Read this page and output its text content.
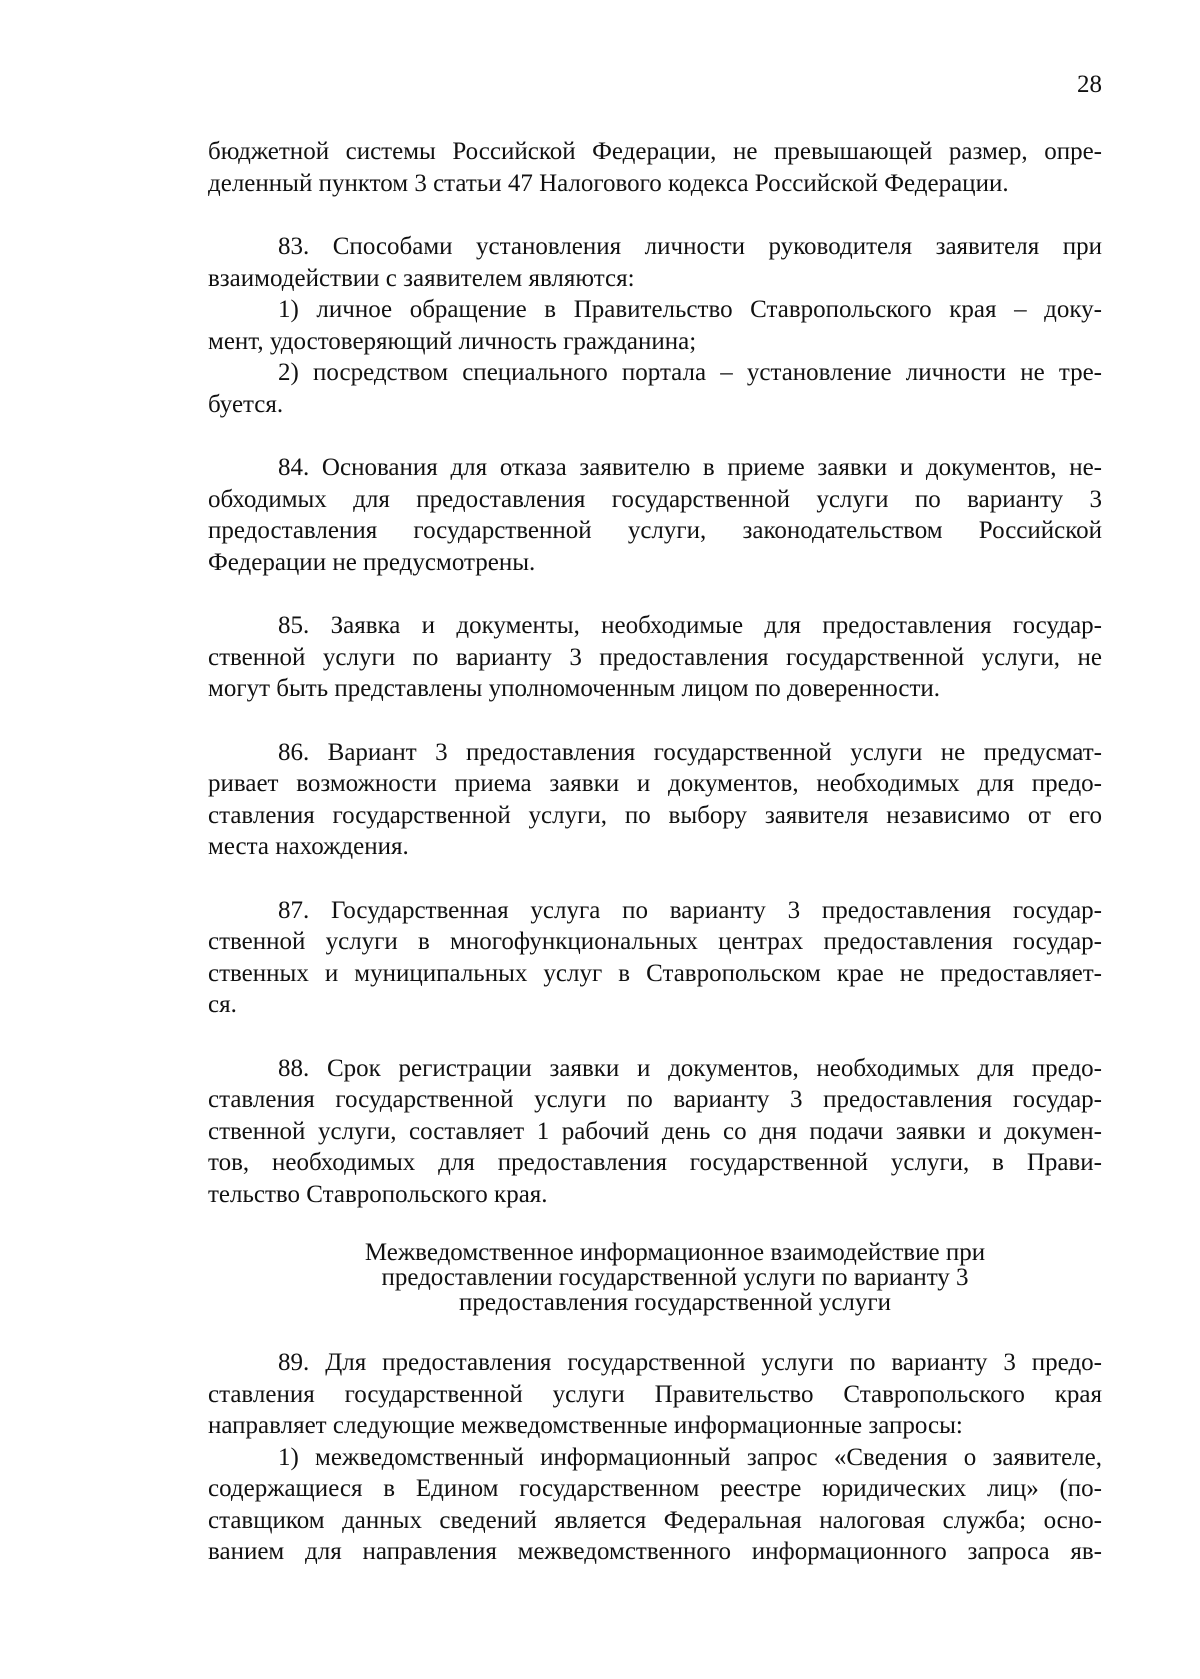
28
бюджетной системы Российской Федерации, не превышающей размер, опре-
деленный пунктом 3 статьи 47 Налогового кодекса Российской Федерации.
83. Способами установления личности руководителя заявителя при
взаимодействии с заявителем являются:
1) личное обращение в Правительство Ставропольского края – доку-
мент, удостоверяющий личность гражданина;
2) посредством специального портала – установление личности не тре-
буется.
84. Основания для отказа заявителю в приеме заявки и документов, не-
обходимых для предоставления государственной услуги по варианту 3
предоставления государственной услуги, законодательством Российской
Федерации не предусмотрены.
85. Заявка и документы, необходимые для предоставления государ-
ственной услуги по варианту 3 предоставления государственной услуги, не
могут быть представлены уполномоченным лицом по доверенности.
86. Вариант 3 предоставления государственной услуги не предусмат-
ривает возможности приема заявки и документов, необходимых для предо-
ставления государственной услуги, по выбору заявителя независимо от его
места нахождения.
87. Государственная услуга по варианту 3 предоставления государ-
ственной услуги в многофункциональных центрах предоставления государ-
ственных и муниципальных услуг в Ставропольском крае не предоставляет-
ся.
88. Срок регистрации заявки и документов, необходимых для предо-
ставления государственной услуги по варианту 3 предоставления государ-
ственной услуги, составляет 1 рабочий день со дня подачи заявки и докумен-
тов, необходимых для предоставления государственной услуги, в Прави-
тельство Ставропольского края.
Межведомственное информационное взаимодействие при
предоставлении государственной услуги по варианту 3
предоставления государственной услуги
89. Для предоставления государственной услуги по варианту 3 предо-
ставления государственной услуги Правительство Ставропольского края
направляет следующие межведомственные информационные запросы:
1) межведомственный информационный запрос «Сведения о заявителе,
содержащиеся в Едином государственном реестре юридических лиц» (по-
ставщиком данных сведений является Федеральная налоговая служба; осно-
ванием для направления межведомственного информационного запроса яв-
